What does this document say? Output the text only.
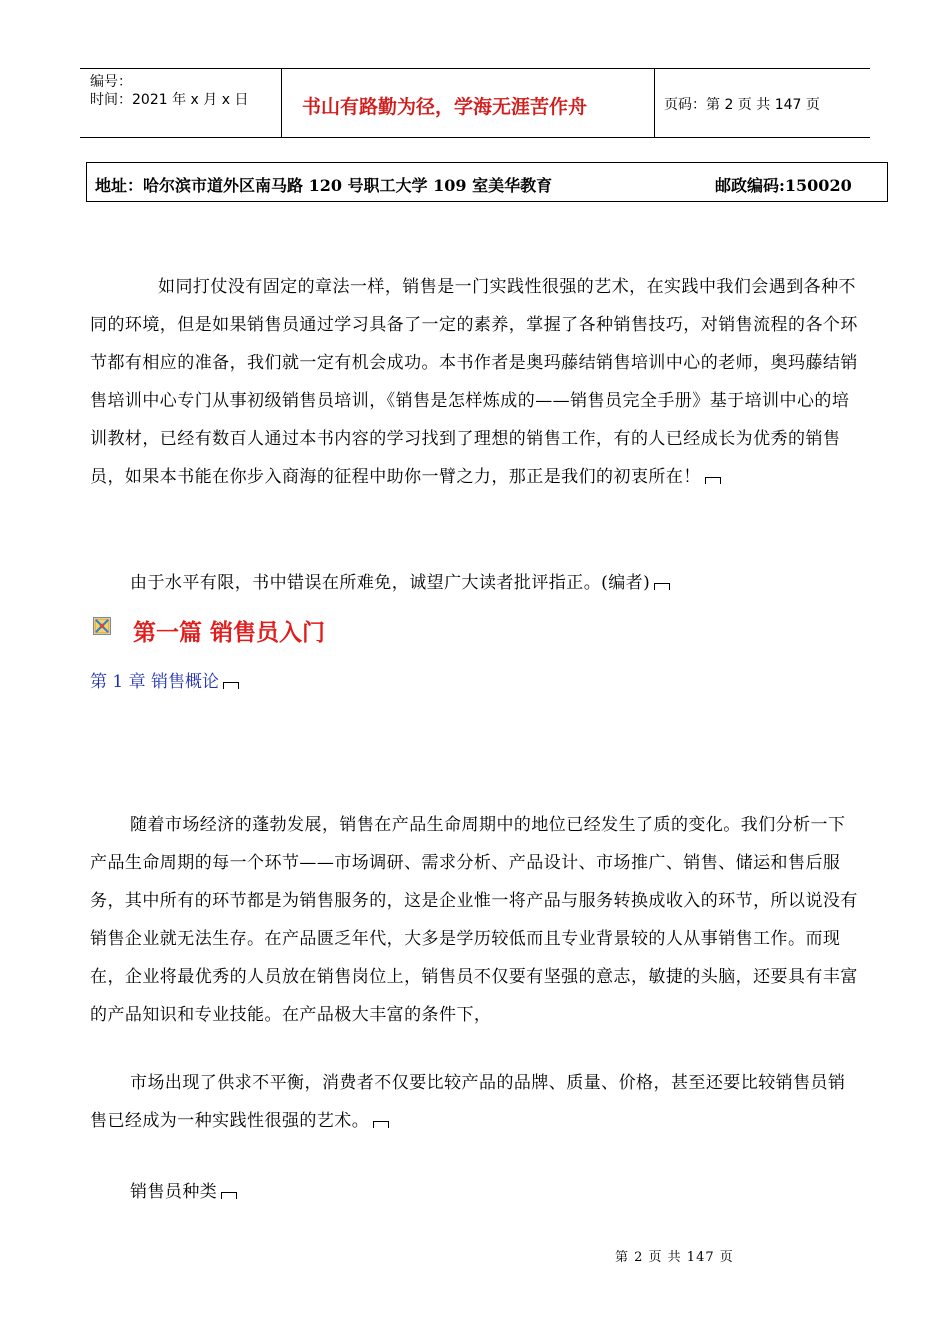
编号：
时间：2021 年 x 月 x 日	书山有路勤为径，学海无涯苦作舟	页码：第 2 页 共 147 页
地址：哈尔滨市道外区南马路 120 号职工大学 109 室美华教育	邮政编码:150020
如同打仗没有固定的章法一样，销售是一门实践性很强的艺术，在实践中我们会遇到各种不同的环境，但是如果销售员通过学习具备了一定的素养，掌握了各种销售技巧，对销售流程的各个环节都有相应的准备，我们就一定有机会成功。本书作者是奥玛藤结销售培训中心的老师，奥玛藤结销售培训中心专门从事初级销售员培训，《销售是怎样炼成的——销售员完全手册》基于培训中心的培训教材，已经有数百人通过本书内容的学习找到了理想的销售工作，有的人已经成长为优秀的销售员，如果本书能在你步入商海的征程中助你一臂之力，那正是我们的初衷所在！
由于水平有限，书中错误在所难免，诚望广大读者批评指正。(编者)
第一篇 销售员入门
第 1 章 销售概论
随着市场经济的蓬勃发展，销售在产品生命周期中的地位已经发生了质的变化。我们分析一下产品生命周期的每一个环节——市场调研、需求分析、产品设计、市场推广、销售、储运和售后服务，其中所有的环节都是为销售服务的，这是企业惟一将产品与服务转换成收入的环节，所以说没有销售企业就无法生存。在产品匮乏年代，大多是学历较低而且专业背景较的人从事销售工作。而现在，企业将最优秀的人员放在销售岗位上，销售员不仅要有坚强的意志，敏捷的头脑，还要具有丰富的产品知识和专业技能。在产品极大丰富的条件下，
市场出现了供求不平衡，消费者不仅要比较产品的品牌、质量、价格，甚至还要比较销售员销售已经成为一种实践性很强的艺术。
销售员种类
第 2 页 共 147 页
